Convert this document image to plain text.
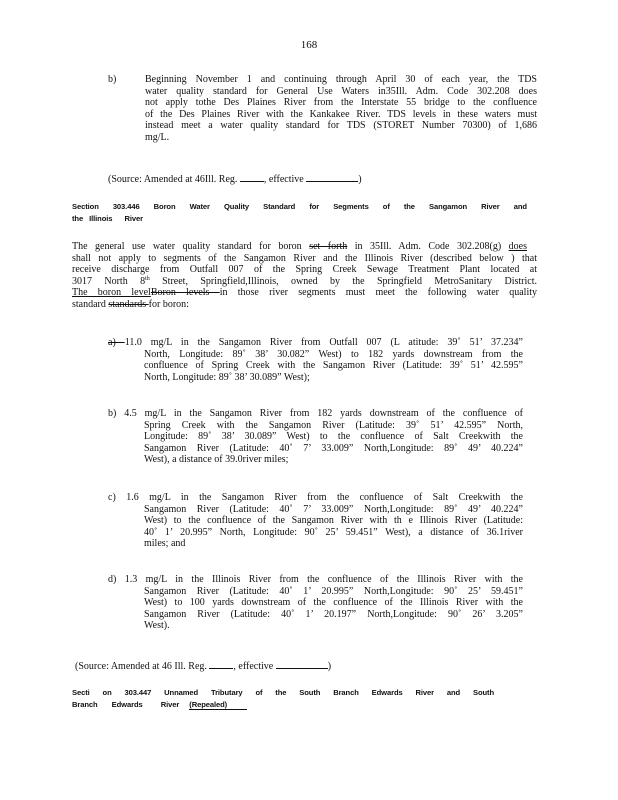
168
b)	Beginning November 1 and continuing through April 30 of each year, the TDS

water quality standard for General Use Waters in35Ill. Adm. Code 302.208 does

not apply tothe Des Plaines River from the Interstate 55 bridge to the confluence

of the Des Plaines River with the Kankakee River. TDS levels in these waters must

instead meet a water quality standard for TDS (STORET Number 70300) of 1,686

mg/L.

(Source: Amended at 46Ill. Reg.	, effective	)
Section 303.446 Boron Water Quality Standard for Segments of the Sangamon River and
the Illinois River

The general use water quality standard for boron set forth in 35Ill. Adm. Code 302.208(g) does

shall not apply to segments of the Sangamon River and the Illinois River (described below ) that

receive discharge from Outfall 007 of the Spring Creek Sewage Treatment Plant located at

3017 North 8th Street, Springfield,Illinois, owned by the Springfield MetroSanitary District.

The boron levelBoron levels in those river segments must meet the following water quality

standard standards for boron:

a) 11.0 mg/L in the Sangamon River from Outfall 007 (L atitude: 39˚ 51’ 37.234”

North, Longitude: 89˚ 38’ 30.082” West) to 182 yards downstream from the

confluence of Spring Creek with the Sangamon River (Latitude: 39˚ 51’ 42.595”

North, Longitude: 89˚ 38’ 30.089” West);

b) 4.5 mg/L in the Sangamon River from 182 yards downstream of the confluence of

Spring Creek with the Sangamon River (Latitude: 39˚ 51’ 42.595” North,

Longitude: 89˚ 38’ 30.089” West) to the confluence of Salt Creekwith the

Sangamon River (Latitude: 40˚ 7’ 33.009” North,Longitude: 89˚ 49’ 40.224”

West), a distance of 39.0river miles;

c) 1.6 mg/L in the Sangamon River from the confluence of Salt Creekwith the

Sangamon River (Latitude: 40˚ 7’ 33.009” North,Longitude: 89˚ 49’ 40.224”

West) to the confluence of the Sangamon River with th e Illinois River (Latitude:

40˚ 1’ 20.995” North, Longitude: 90˚ 25’ 59.451” West), a distance of 36.1river

miles; and

d) 1.3 mg/L in the Illinois River from the confluence of the Illinois River with the

Sangamon River (Latitude: 40˚ 1’ 20.995” North,Longitude: 90˚ 25’ 59.451”

West) to 100 yards downstream of the confluence of the Illinois River with the

Sangamon River (Latitude: 40˚ 1’ 20.197” North,Longitude: 90˚ 26’ 3.205”

West).

(Source: Amended at 46 Ill. Reg.	, effective	)
Secti on 303.447 Unnamed Tributary of the South Branch Edwards River and South
Branch Edwards River (Repealed)
